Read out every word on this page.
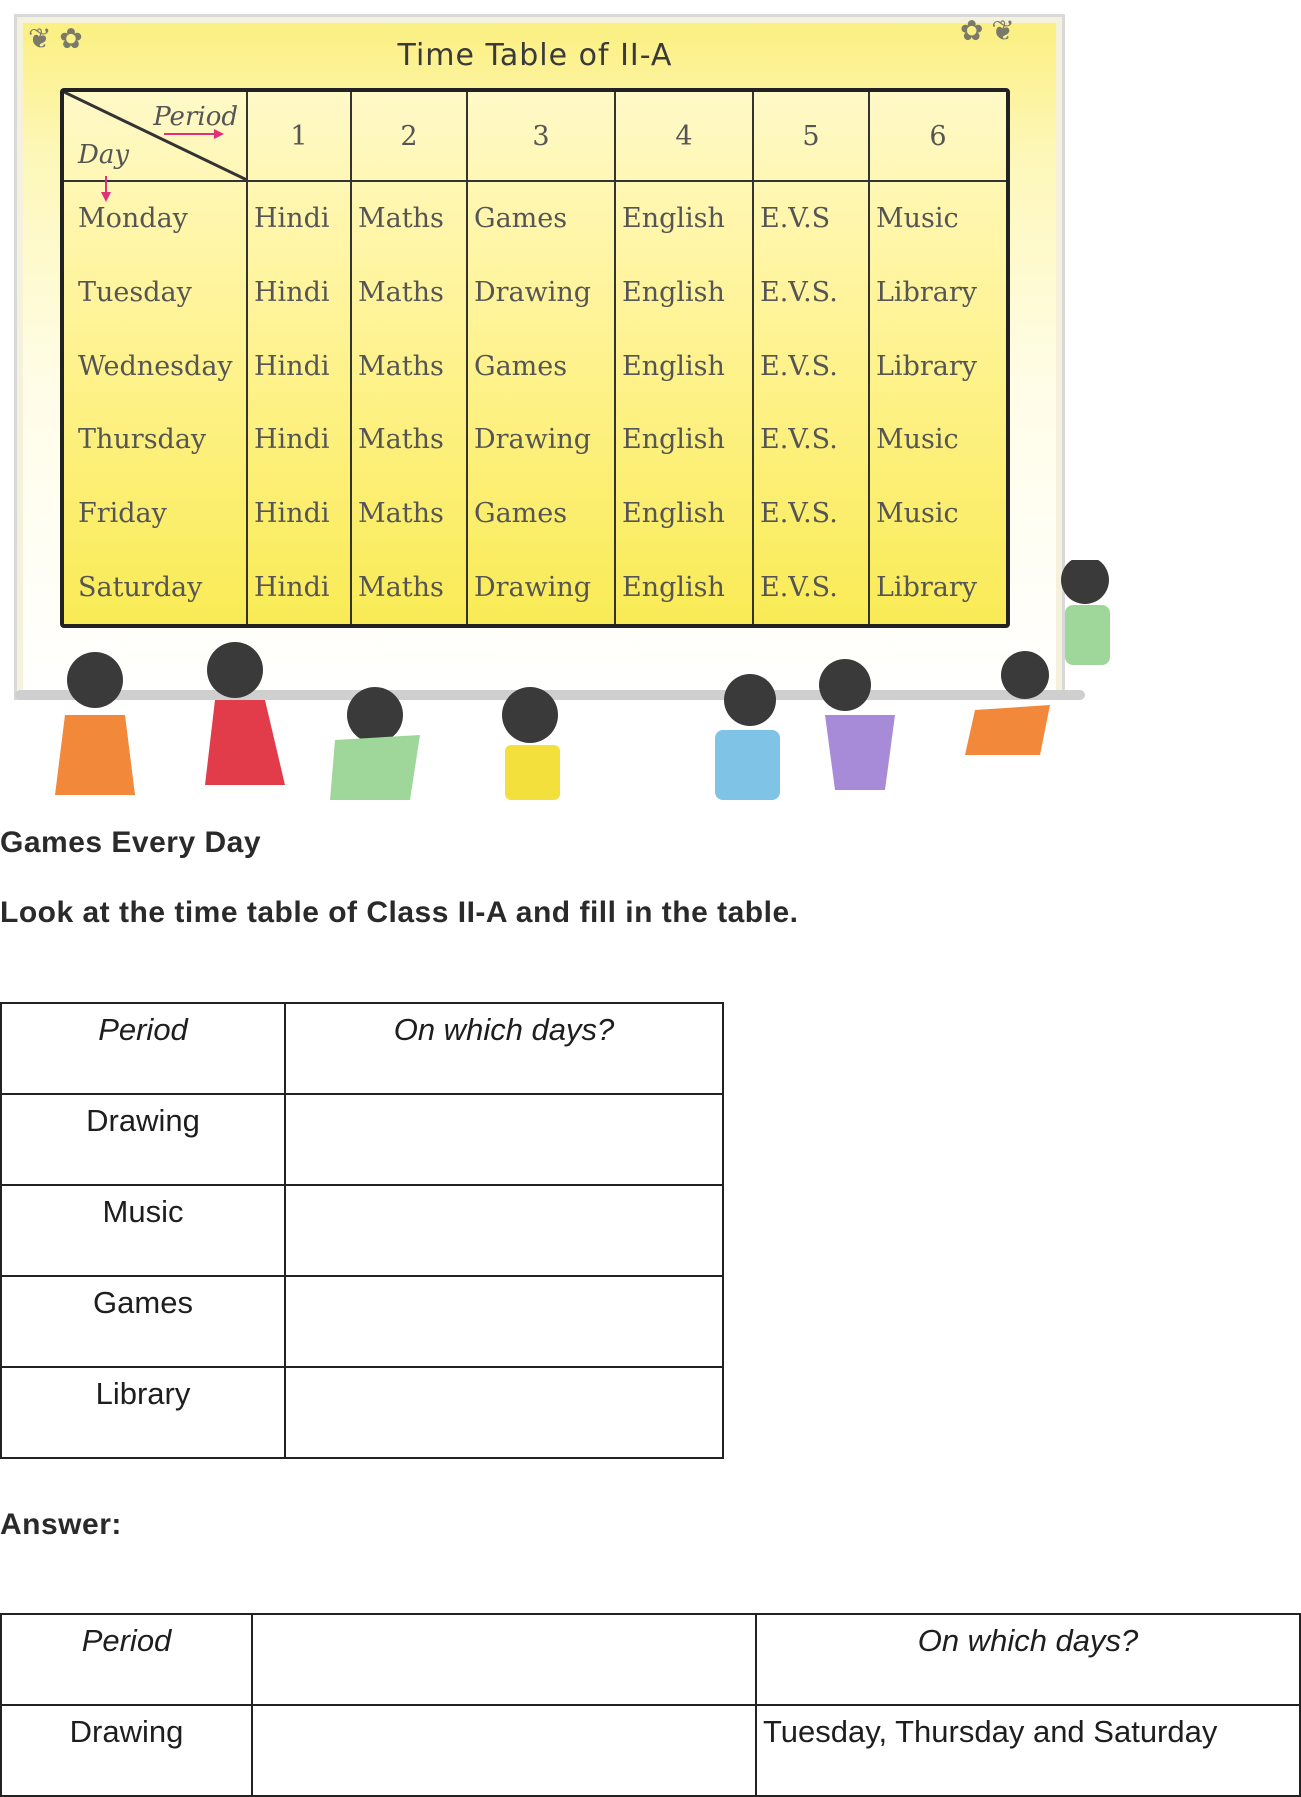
❦ ✿	✿ ❦
Time Table of II-A
Period
Day	1	2	3	4	5	6
Monday	Hindi	Maths	Games	English	E.V.S	Music
Tuesday	Hindi	Maths	Drawing	English	E.V.S.	Library
Wednesday	Hindi	Maths	Games	English	E.V.S.	Library
Thursday	Hindi	Maths	Drawing	English	E.V.S.	Music
Friday	Hindi	Maths	Games	English	E.V.S.	Music
Saturday	Hindi	Maths	Drawing	English	E.V.S.	Library
Games Every Day
Look at the time table of Class II-A and fill in the table.
Period	On which days?
Drawing	
Music	
Games	
Library	
Answer:
Period		On which days?
Drawing		Tuesday, Thursday and Saturday
